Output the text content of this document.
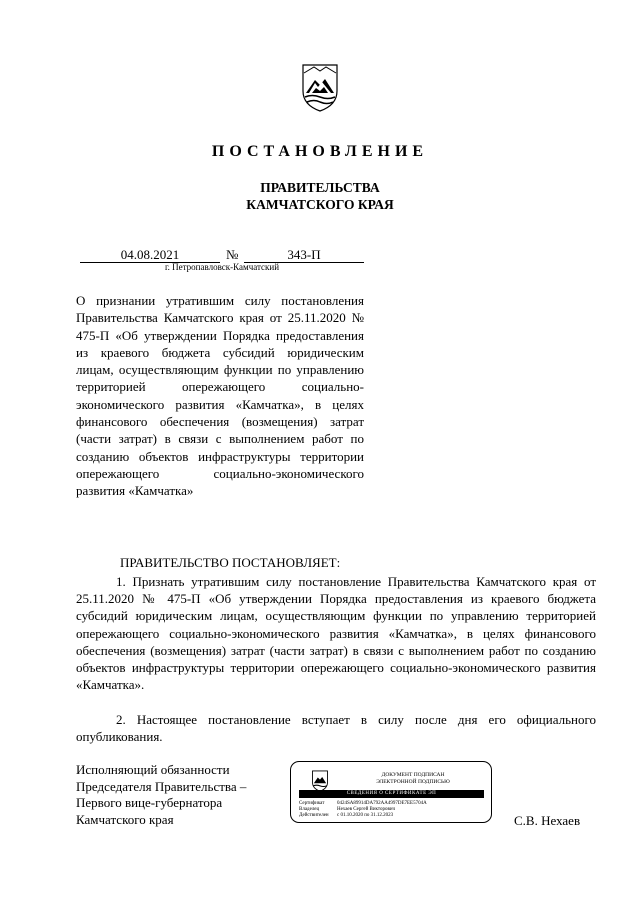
ПОСТАНОВЛЕНИЕ
ПРАВИТЕЛЬСТВА
КАМЧАТСКОГО КРАЯ
04.08.2021	№	343-П
г. Петропавловск-Камчатский
О признании утратившим силу постановления Правительства Камчатского края от 25.11.2020 № 475-П «Об утверждении Порядка предоставления из краевого бюджета субсидий юридическим лицам, осуществляющим функции по управлению территорией опережающего социально-экономического развития «Камчатка», в целях финансового обеспечения (возмещения) затрат (части затрат) в связи с выполнением работ по созданию объектов инфраструктуры территории опережающего социально-экономического развития «Камчатка»
ПРАВИТЕЛЬСТВО ПОСТАНОВЛЯЕТ:
1. Признать утратившим силу постановление Правительства Камчатского края от 25.11.2020 № 475-П «Об утверждении Порядка предоставления из краевого бюджета субсидий юридическим лицам, осуществляющим функции по управлению территорией опережающего социально-экономического развития «Камчатка», в целях финансового обеспечения (возмещения) затрат (части затрат) в связи с выполнением работ по созданию объектов инфраструктуры территории опережающего социально-экономического развития «Камчатка».
2. Настоящее постановление вступает в силу после дня его официального опубликования.
Исполняющий обязанности
Председателя Правительства –
Первого вице-губернатора
Камчатского края
ДОКУМЕНТ ПОДПИСАН
ЭЛЕКТРОННОЙ ПОДПИСЬЮ
СВЕДЕНИЯ О СЕРТИФИКАТЕ ЭП
Сертификат	0424SA89914DA792AA4997DE7EE5704A
Владелец	Нехаев Сергей Викторович
Действителен с 01.10.2020 по 31.12.2023	С.В. Нехаев
